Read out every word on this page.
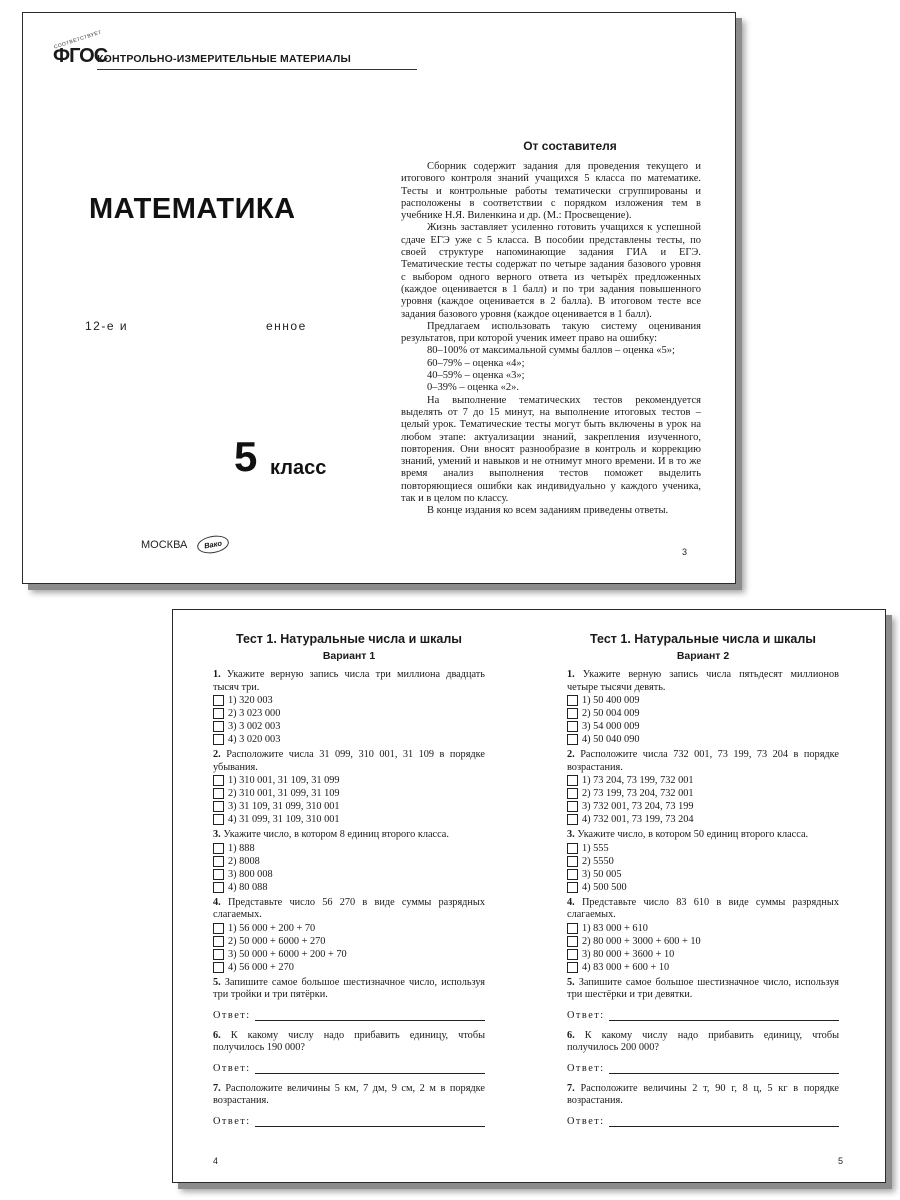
СООТВЕТСТВУЕТ
ФГОС
КОНТРОЛЬНО-ИЗМЕРИТЕЛЬНЫЕ МАТЕРИАЛЫ
МАТЕМАТИКА
12-е и	енное
5 класс
МОСКВА	Вако
От составителя

Сборник содержит задания для проведения текущего и итогового контроля знаний учащихся 5 класса по математике. Тесты и контрольные работы тематически сгруппированы и расположены в соответствии с порядком изложения тем в учебнике Н.Я. Виленкина и др. (М.: Просвещение).

Жизнь заставляет усиленно готовить учащихся к успешной сдаче ЕГЭ уже с 5 класса. В пособии представлены тесты, по своей структуре напоминающие задания ГИА и ЕГЭ. Тематические тесты содержат по четыре задания базового уровня с выбором одного верного ответа из четырёх предложенных (каждое оценивается в 1 балл) и по три задания повышенного уровня (каждое оценивается в 2 балла). В итоговом тесте все задания базового уровня (каждое оценивается в 1 балл).

Предлагаем использовать такую систему оценивания результатов, при которой ученик имеет право на ошибку:

80–100% от максимальной суммы баллов – оценка «5»;

60–79% – оценка «4»;

40–59% – оценка «3»;

0–39% – оценка «2».

На выполнение тематических тестов рекомендуется выделять от 7 до 15 минут, на выполнение итоговых тестов – целый урок. Тематические тесты могут быть включены в урок на любом этапе: актуализации знаний, закрепления изученного, повторения. Они вносят разнообразие в контроль и коррекцию знаний, умений и навыков и не отнимут много времени. И в то же время анализ выполнения тестов поможет выделить повторяющиеся ошибки как индивидуально у каждого ученика, так и в целом по классу.

В конце издания ко всем заданиям приведены ответы.

3
Тест 1. Натуральные числа и шкалы
Вариант 1
1. Укажите верную запись числа три миллиона двадцать тысяч три.
1) 320 003
2) 3 023 000
3) 3 002 003
4) 3 020 003
2. Расположите числа 31 099, 310 001, 31 109 в порядке убывания.
1) 310 001, 31 109, 31 099
2) 310 001, 31 099, 31 109
3) 31 109, 31 099, 310 001
4) 31 099, 31 109, 310 001
3. Укажите число, в котором 8 единиц второго класса.
1) 888
2) 8008
3) 800 008
4) 80 088
4. Представьте число 56 270 в виде суммы разрядных слагаемых.
1) 56 000 + 200 + 70
2) 50 000 + 6000 + 270
3) 50 000 + 6000 + 200 + 70
4) 56 000 + 270
5. Запишите самое большое шестизначное число, используя три тройки и три пятёрки.
Ответ:
6. К какому числу надо прибавить единицу, чтобы получилось 190 000?
Ответ:
7. Расположите величины 5 км, 7 дм, 9 см, 2 м в порядке возрастания.
Ответ:
Тест 1. Натуральные числа и шкалы
Вариант 2
1. Укажите верную запись числа пятьдесят миллионов четыре тысячи девять.
1) 50 400 009
2) 50 004 009
3) 54 000 009
4) 50 040 090
2. Расположите числа 732 001, 73 199, 73 204 в порядке возрастания.
1) 73 204, 73 199, 732 001
2) 73 199, 73 204, 732 001
3) 732 001, 73 204, 73 199
4) 732 001, 73 199, 73 204
3. Укажите число, в котором 50 единиц второго класса.
1) 555
2) 5550
3) 50 005
4) 500 500
4. Представьте число 83 610 в виде суммы разрядных слагаемых.
1) 83 000 + 610
2) 80 000 + 3000 + 600 + 10
3) 80 000 + 3600 + 10
4) 83 000 + 600 + 10
5. Запишите самое большое шестизначное число, используя три шестёрки и три девятки.
Ответ:
6. К какому числу надо прибавить единицу, чтобы получилось 200 000?
Ответ:
7. Расположите величины 2 т, 90 г, 8 ц, 5 кг в порядке возрастания.
Ответ:
4	5
